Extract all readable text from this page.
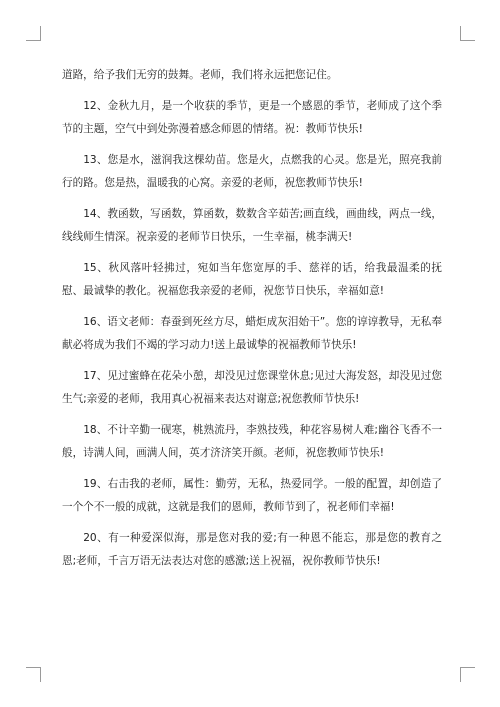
道路，给予我们无穷的鼓舞。老师，我们将永远把您记住。

12、金秋九月，是一个收获的季节，更是一个感恩的季节，老师成了这个季节的主题，空气中到处弥漫着感念师恩的情绪。祝：教师节快乐!

13、您是水，滋润我这棵幼苗。您是火，点燃我的心灵。您是光，照亮我前行的路。您是热，温暖我的心窝。亲爱的老师，祝您教师节快乐!

14、教函数，写函数，算函数，数数含辛茹苦;画直线，画曲线，两点一线，线线师生情深。祝亲爱的老师节日快乐，一生幸福，桃李满天!

15、秋风落叶轻拂过，宛如当年您宽厚的手、慈祥的话，给我最温柔的抚慰、最诚挚的教化。祝福您我亲爱的老师，祝您节日快乐，幸福如意!

16、语文老师：春蚕到死丝方尽，蜡炬成灰泪始干”。您的谆谆教导，无私奉献必将成为我们不竭的学习动力!送上最诚挚的祝福教师节快乐!

17、见过蜜蜂在花朵小憩，却没见过您课堂休息;见过大海发怒，却没见过您生气;亲爱的老师，我用真心祝福来表达对谢意;祝您教师节快乐!

18、不计辛勤一砚寒，桃熟流丹，李熟技残，种花容易树人难;幽谷飞香不一般，诗满人间，画满人间，英才济济笑开颜。老师，祝您教师节快乐!

19、右击我的老师，属性：勤劳，无私，热爱同学。一般的配置，却创造了一个个不一般的成就，这就是我们的恩师，教师节到了，祝老师们幸福!

20、有一种爱深似海，那是您对我的爱;有一种恩不能忘，那是您的教育之恩;老师，千言万语无法表达对您的感激;送上祝福，祝你教师节快乐!
